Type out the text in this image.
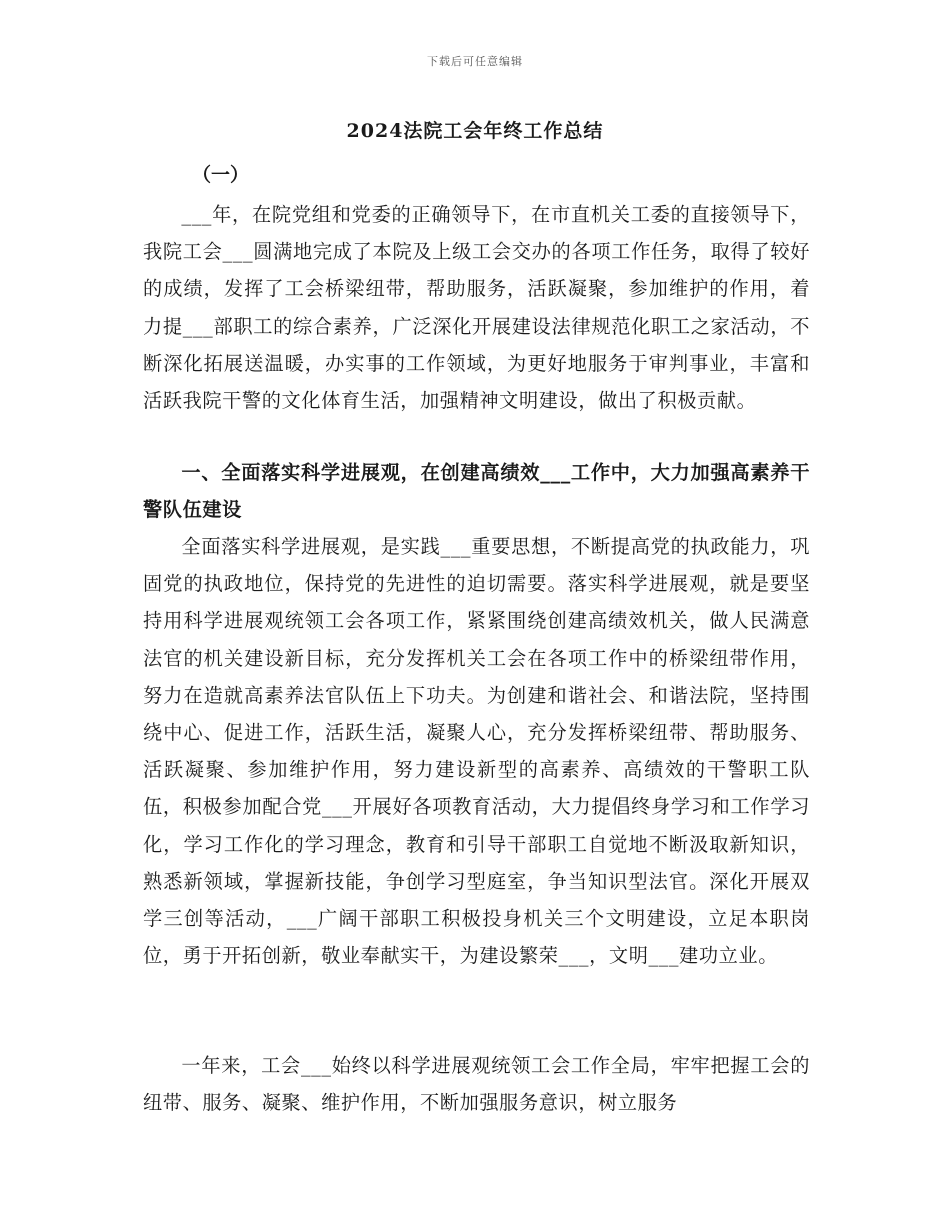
下载后可任意编辑
2024法院工会年终工作总结
（一）

___年，在院党组和党委的正确领导下，在市直机关工委的直接领导下，我院工会___圆满地完成了本院及上级工会交办的各项工作任务，取得了较好的成绩，发挥了工会桥梁纽带，帮助服务，活跃凝聚，参加维护的作用，着力提___部职工的综合素养，广泛深化开展建设法律规范化职工之家活动，不断深化拓展送温暖，办实事的工作领域，为更好地服务于审判事业，丰富和活跃我院干警的文化体育生活，加强精神文明建设，做出了积极贡献。

一、全面落实科学进展观，在创建高绩效___工作中，大力加强高素养干警队伍建设

全面落实科学进展观，是实践___重要思想，不断提高党的执政能力，巩固党的执政地位，保持党的先进性的迫切需要。落实科学进展观，就是要坚持用科学进展观统领工会各项工作，紧紧围绕创建高绩效机关，做人民满意法官的机关建设新目标，充分发挥机关工会在各项工作中的桥梁纽带作用，努力在造就高素养法官队伍上下功夫。为创建和谐社会、和谐法院，坚持围绕中心、促进工作，活跃生活，凝聚人心，充分发挥桥梁纽带、帮助服务、活跃凝聚、参加维护作用，努力建设新型的高素养、高绩效的干警职工队伍，积极参加配合党___开展好各项教育活动，大力提倡终身学习和工作学习化，学习工作化的学习理念，教育和引导干部职工自觉地不断汲取新知识，熟悉新领域，掌握新技能，争创学习型庭室，争当知识型法官。深化开展双学三创等活动，___广阔干部职工积极投身机关三个文明建设，立足本职岗位，勇于开拓创新，敬业奉献实干，为建设繁荣___，文明___建功立业。

一年来，工会___始终以科学进展观统领工会工作全局，牢牢把握工会的纽带、服务、凝聚、维护作用，不断加强服务意识，树立服务
